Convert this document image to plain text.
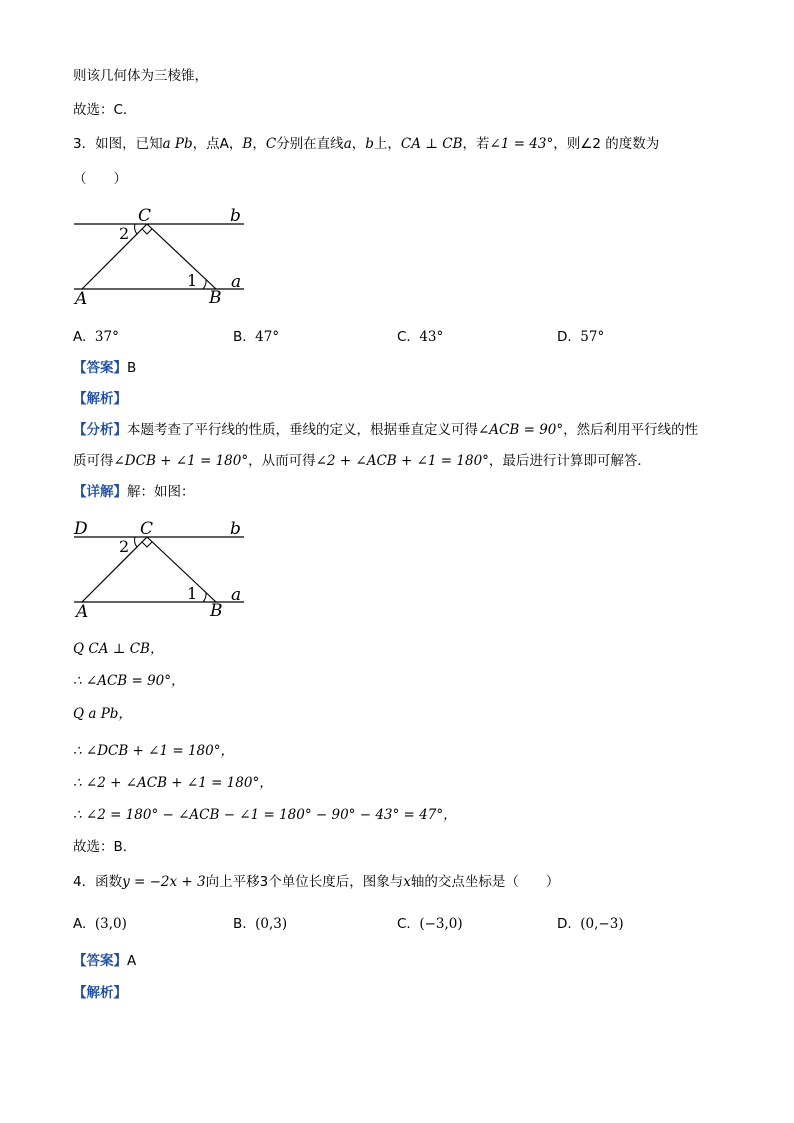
则该几何体为三棱锥，
故选：C．
3．如图，已知a Pb，点A，B，C分别在直线a，b上，CA ⊥ CB，若∠1 = 43°，则∠2 的度数为
（　　）
C	b
2
1 a
A	B
A. 37°	B. 47°	C. 43°	D. 57°
【答案】B
【解析】
【分析】本题考查了平行线的性质，垂线的定义，根据垂直定义可得∠ACB = 90°，然后利用平行线的性
质可得∠DCB + ∠1 = 180°，从而可得∠2 + ∠ACB + ∠1 = 180°，最后进行计算即可解答．
【详解】解：如图：
D	C	b
2
1 a
A	B
Q CA ⊥ CB，
∴ ∠ACB = 90°，
Q a Pb，
∴ ∠DCB + ∠1 = 180°，
∴ ∠2 + ∠ACB + ∠1 = 180°，
∴ ∠2 = 180° − ∠ACB − ∠1 = 180° − 90° − 43° = 47°，
故选：B．
4．函数y = −2x + 3向上平移3个单位长度后，图象与x轴的交点坐标是（　　）
A. (3,0)	B. (0,3)	C. (−3,0)	D. (0,−3)
【答案】A
【解析】
